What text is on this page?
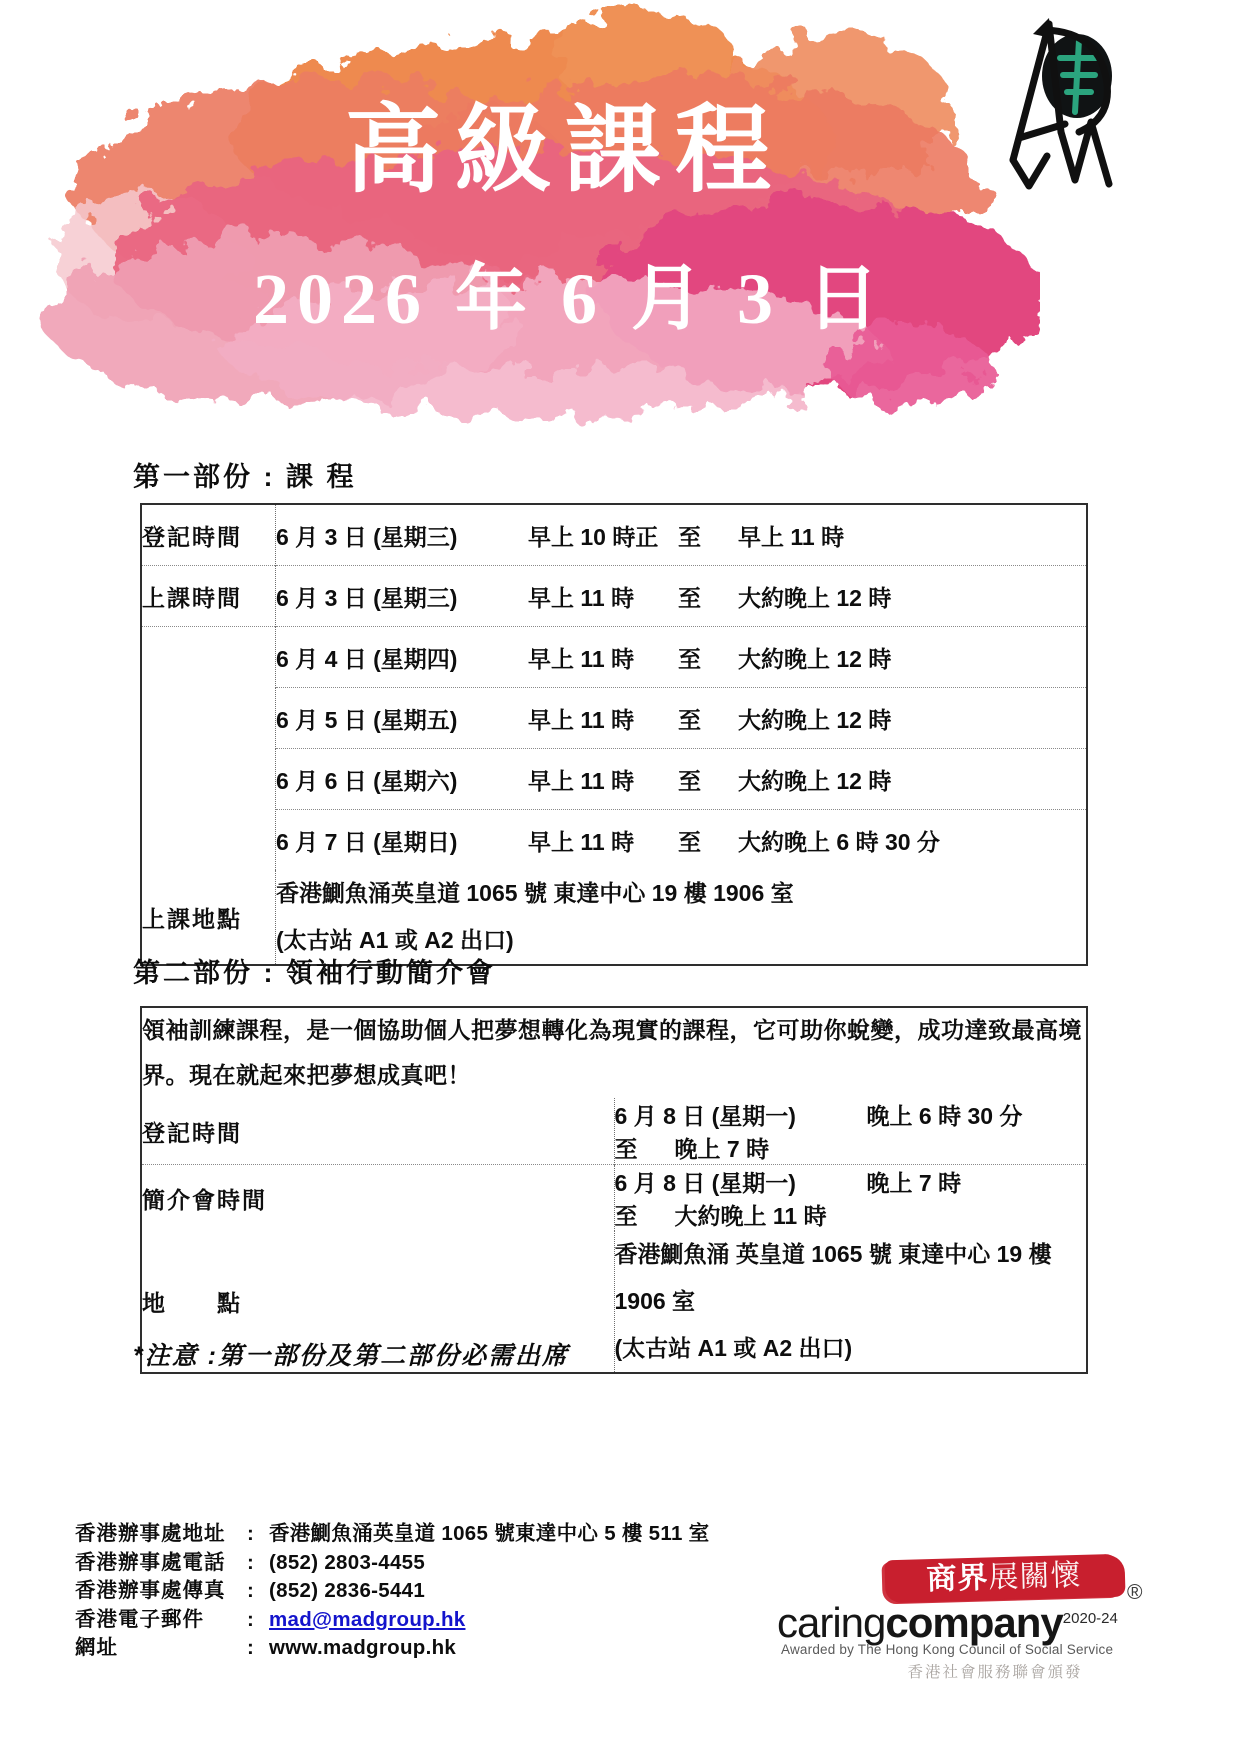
高級課程
2026 年 6 月 3 日
第一部份 : 課 程
登記時間	6 月 3 日 (星期三) 早上 10 時正 至 早上 11 時
上課時間	6 月 3 日 (星期三) 早上 11 時 至 大約晚上 12 時
	6 月 4 日 (星期四) 早上 11 時 至 大約晚上 12 時
	6 月 5 日 (星期五) 早上 11 時 至 大約晚上 12 時
	6 月 6 日 (星期六) 早上 11 時 至 大約晚上 12 時
	6 月 7 日 (星期日) 早上 11 時 至 大約晚上 6 時 30 分
上課地點	香港鰂魚涌英皇道 1065 號 東達中心 19 樓 1906 室
(太古站 A1 或 A2 出口)
第二部份 : 領袖行動簡介會
領袖訓練課程，是一個協助個人把夢想轉化為現實的課程，它可助你蛻變，成功達致最高境界。現在就起來把夢想成真吧！	
登記時間	6 月 8 日 (星期一) 晚上 6 時 30 分至 晚上 7 時
簡介會時間	6 月 8 日 (星期一) 晚上 7 時至 大約晚上 11 時
地　　點	香港鰂魚涌 英皇道 1065 號 東達中心 19 樓 1906 室
(太古站 A1 或 A2 出口)
*注意 :第一部份及第二部份必需出席
香港辦事處地址	: 香港鰂魚涌英皇道 1065 號東達中心 5 樓 511 室
香港辦事處電話	: (852) 2803-4455
香港辦事處傳真	: (852) 2836-5441
香港電子郵件	: mad@madgroup.hk
網址	: www.madgroup.hk
商界展關懷	®
caringcompany$^{2020-24}$
Awarded by The Hong Kong Council of Social Service
香港社會服務聯會頒發
